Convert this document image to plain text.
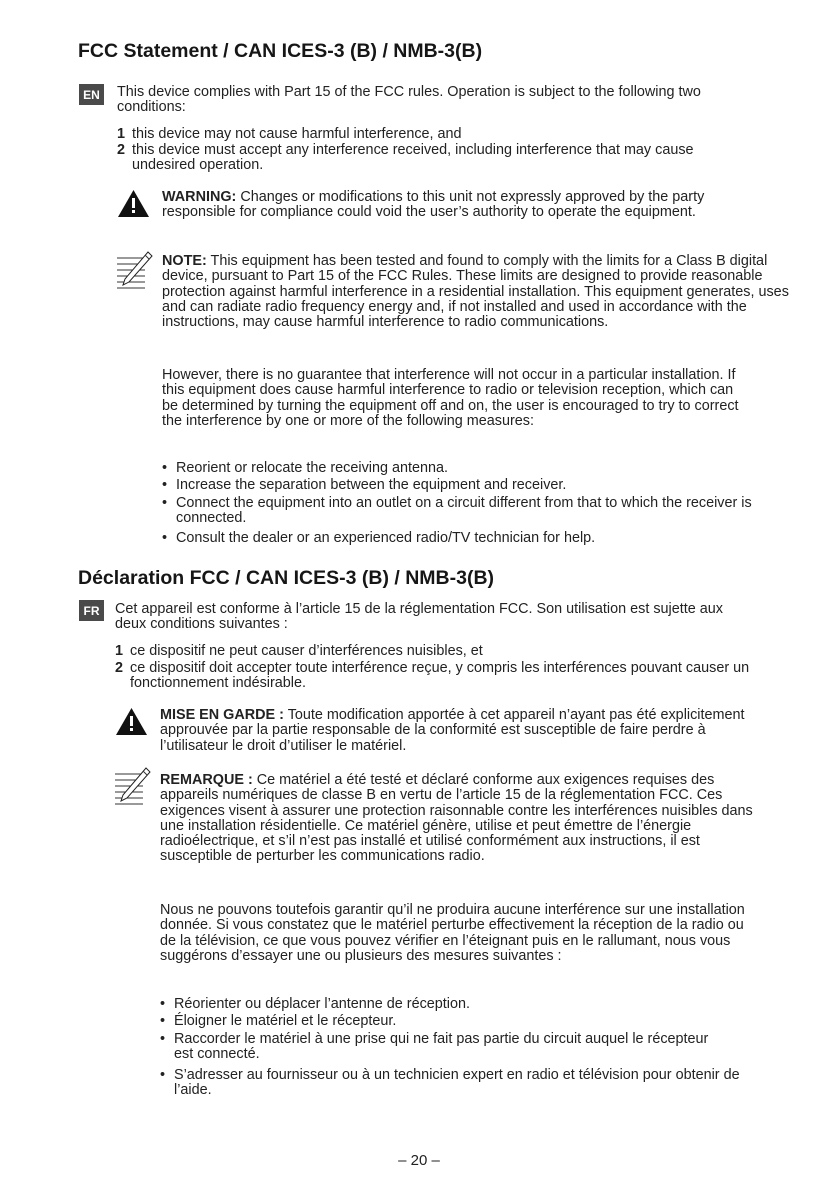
FCC Statement / CAN ICES-3 (B) / NMB-3(B)
EN This device complies with Part 15 of the FCC rules. Operation is subject to the following two conditions:
1 this device may not cause harmful interference, and
2 this device must accept any interference received, including interference that may cause undesired operation.
WARNING: Changes or modifications to this unit not expressly approved by the party responsible for compliance could void the user’s authority to operate the equipment.
NOTE: This equipment has been tested and found to comply with the limits for a Class B digital device, pursuant to Part 15 of the FCC Rules. These limits are designed to provide reasonable protection against harmful interference in a residential installation. This equipment generates, uses and can radiate radio frequency energy and, if not installed and used in accordance with the instructions, may cause harmful interference to radio communications.
However, there is no guarantee that interference will not occur in a particular installation. If this equipment does cause harmful interference to radio or television reception, which can be determined by turning the equipment off and on, the user is encouraged to try to correct the interference by one or more of the following measures:
• Reorient or relocate the receiving antenna.
• Increase the separation between the equipment and receiver.
• Connect the equipment into an outlet on a circuit different from that to which the receiver is connected.
• Consult the dealer or an experienced radio/TV technician for help.
Déclaration FCC / CAN ICES-3 (B) / NMB-3(B)
FR	Cet appareil est conforme à l’article 15 de la réglementation FCC. Son utilisation est sujette aux deux conditions suivantes :
1 ce dispositif ne peut causer d’interférences nuisibles, et
2 ce dispositif doit accepter toute interférence reçue, y compris les interférences pouvant causer un fonctionnement indésirable.
MISE EN GARDE : Toute modification apportée à cet appareil n’ayant pas été explicitement approuvée par la partie responsable de la conformité est susceptible de faire perdre à l’utilisateur le droit d’utiliser le matériel.
REMARQUE : Ce matériel a été testé et déclaré conforme aux exigences requises des appareils numériques de classe B en vertu de l’article 15 de la réglementation FCC. Ces exigences visent à assurer une protection raisonnable contre les interférences nuisibles dans une installation résidentielle. Ce matériel génère, utilise et peut émettre de l’énergie radioélectrique, et s’il n’est pas installé et utilisé conformément aux instructions, il est susceptible de perturber les communications radio.
Nous ne pouvons toutefois garantir qu’il ne produira aucune interférence sur une installation donnée. Si vous constatez que le matériel perturbe effectivement la réception de la radio ou de la télévision, ce que vous pouvez vérifier en l’éteignant puis en le rallumant, nous vous suggérons d’essayer une ou plusieurs des mesures suivantes :
• Réorienter ou déplacer l’antenne de réception.
• Éloigner le matériel et le récepteur.
• Raccorder le matériel à une prise qui ne fait pas partie du circuit auquel le récepteur est connecté.
• S’adresser au fournisseur ou à un technicien expert en radio et télévision pour obtenir de l’aide.
– 20 –
